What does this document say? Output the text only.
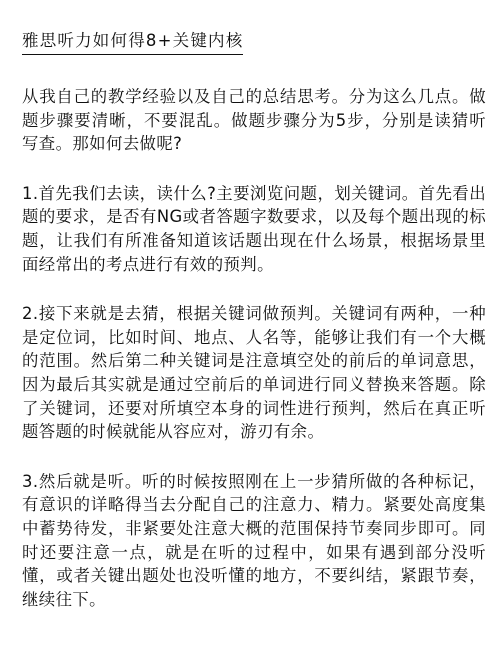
雅思听力如何得8+关键内核

从我自己的教学经验以及自己的总结思考。分为这么几点。做题步骤要清晰，不要混乱。做题步骤分为5步，分别是读猜听写查。那如何去做呢?

1.首先我们去读，读什么?主要浏览问题，划关键词。首先看出题的要求，是否有NG或者答题字数要求，以及每个题出现的标题，让我们有所准备知道该话题出现在什么场景，根据场景里面经常出的考点进行有效的预判。

2.接下来就是去猜，根据关键词做预判。关键词有两种，一种是定位词，比如时间、地点、人名等，能够让我们有一个大概的范围。然后第二种关键词是注意填空处的前后的单词意思，因为最后其实就是通过空前后的单词进行同义替换来答题。除了关键词，还要对所填空本身的词性进行预判，然后在真正听题答题的时候就能从容应对，游刃有余。

3.然后就是听。听的时候按照刚在上一步猜所做的各种标记，有意识的详略得当去分配自己的注意力、精力。紧要处高度集中蓄势待发，非紧要处注意大概的范围保持节奏同步即可。同时还要注意一点，就是在听的过程中，如果有遇到部分没听懂，或者关键出题处也没听懂的地方，不要纠结，紧跟节奏，继续往下。
